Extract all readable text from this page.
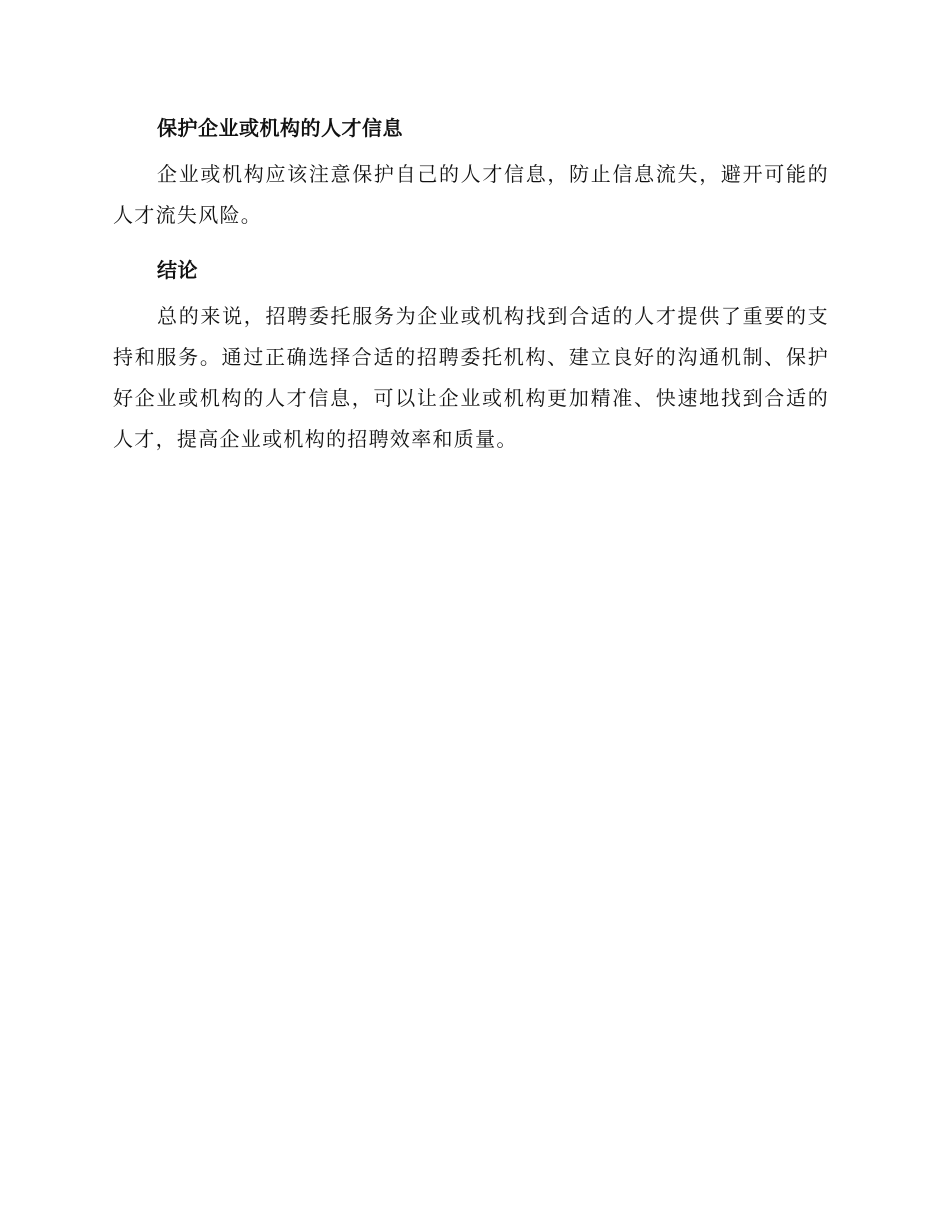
保护企业或机构的人才信息

企业或机构应该注意保护自己的人才信息，防止信息流失，避开可能的人才流失风险。

结论

总的来说，招聘委托服务为企业或机构找到合适的人才提供了重要的支持和服务。通过正确选择合适的招聘委托机构、建立良好的沟通机制、保护好企业或机构的人才信息，可以让企业或机构更加精准、快速地找到合适的人才，提高企业或机构的招聘效率和质量。
